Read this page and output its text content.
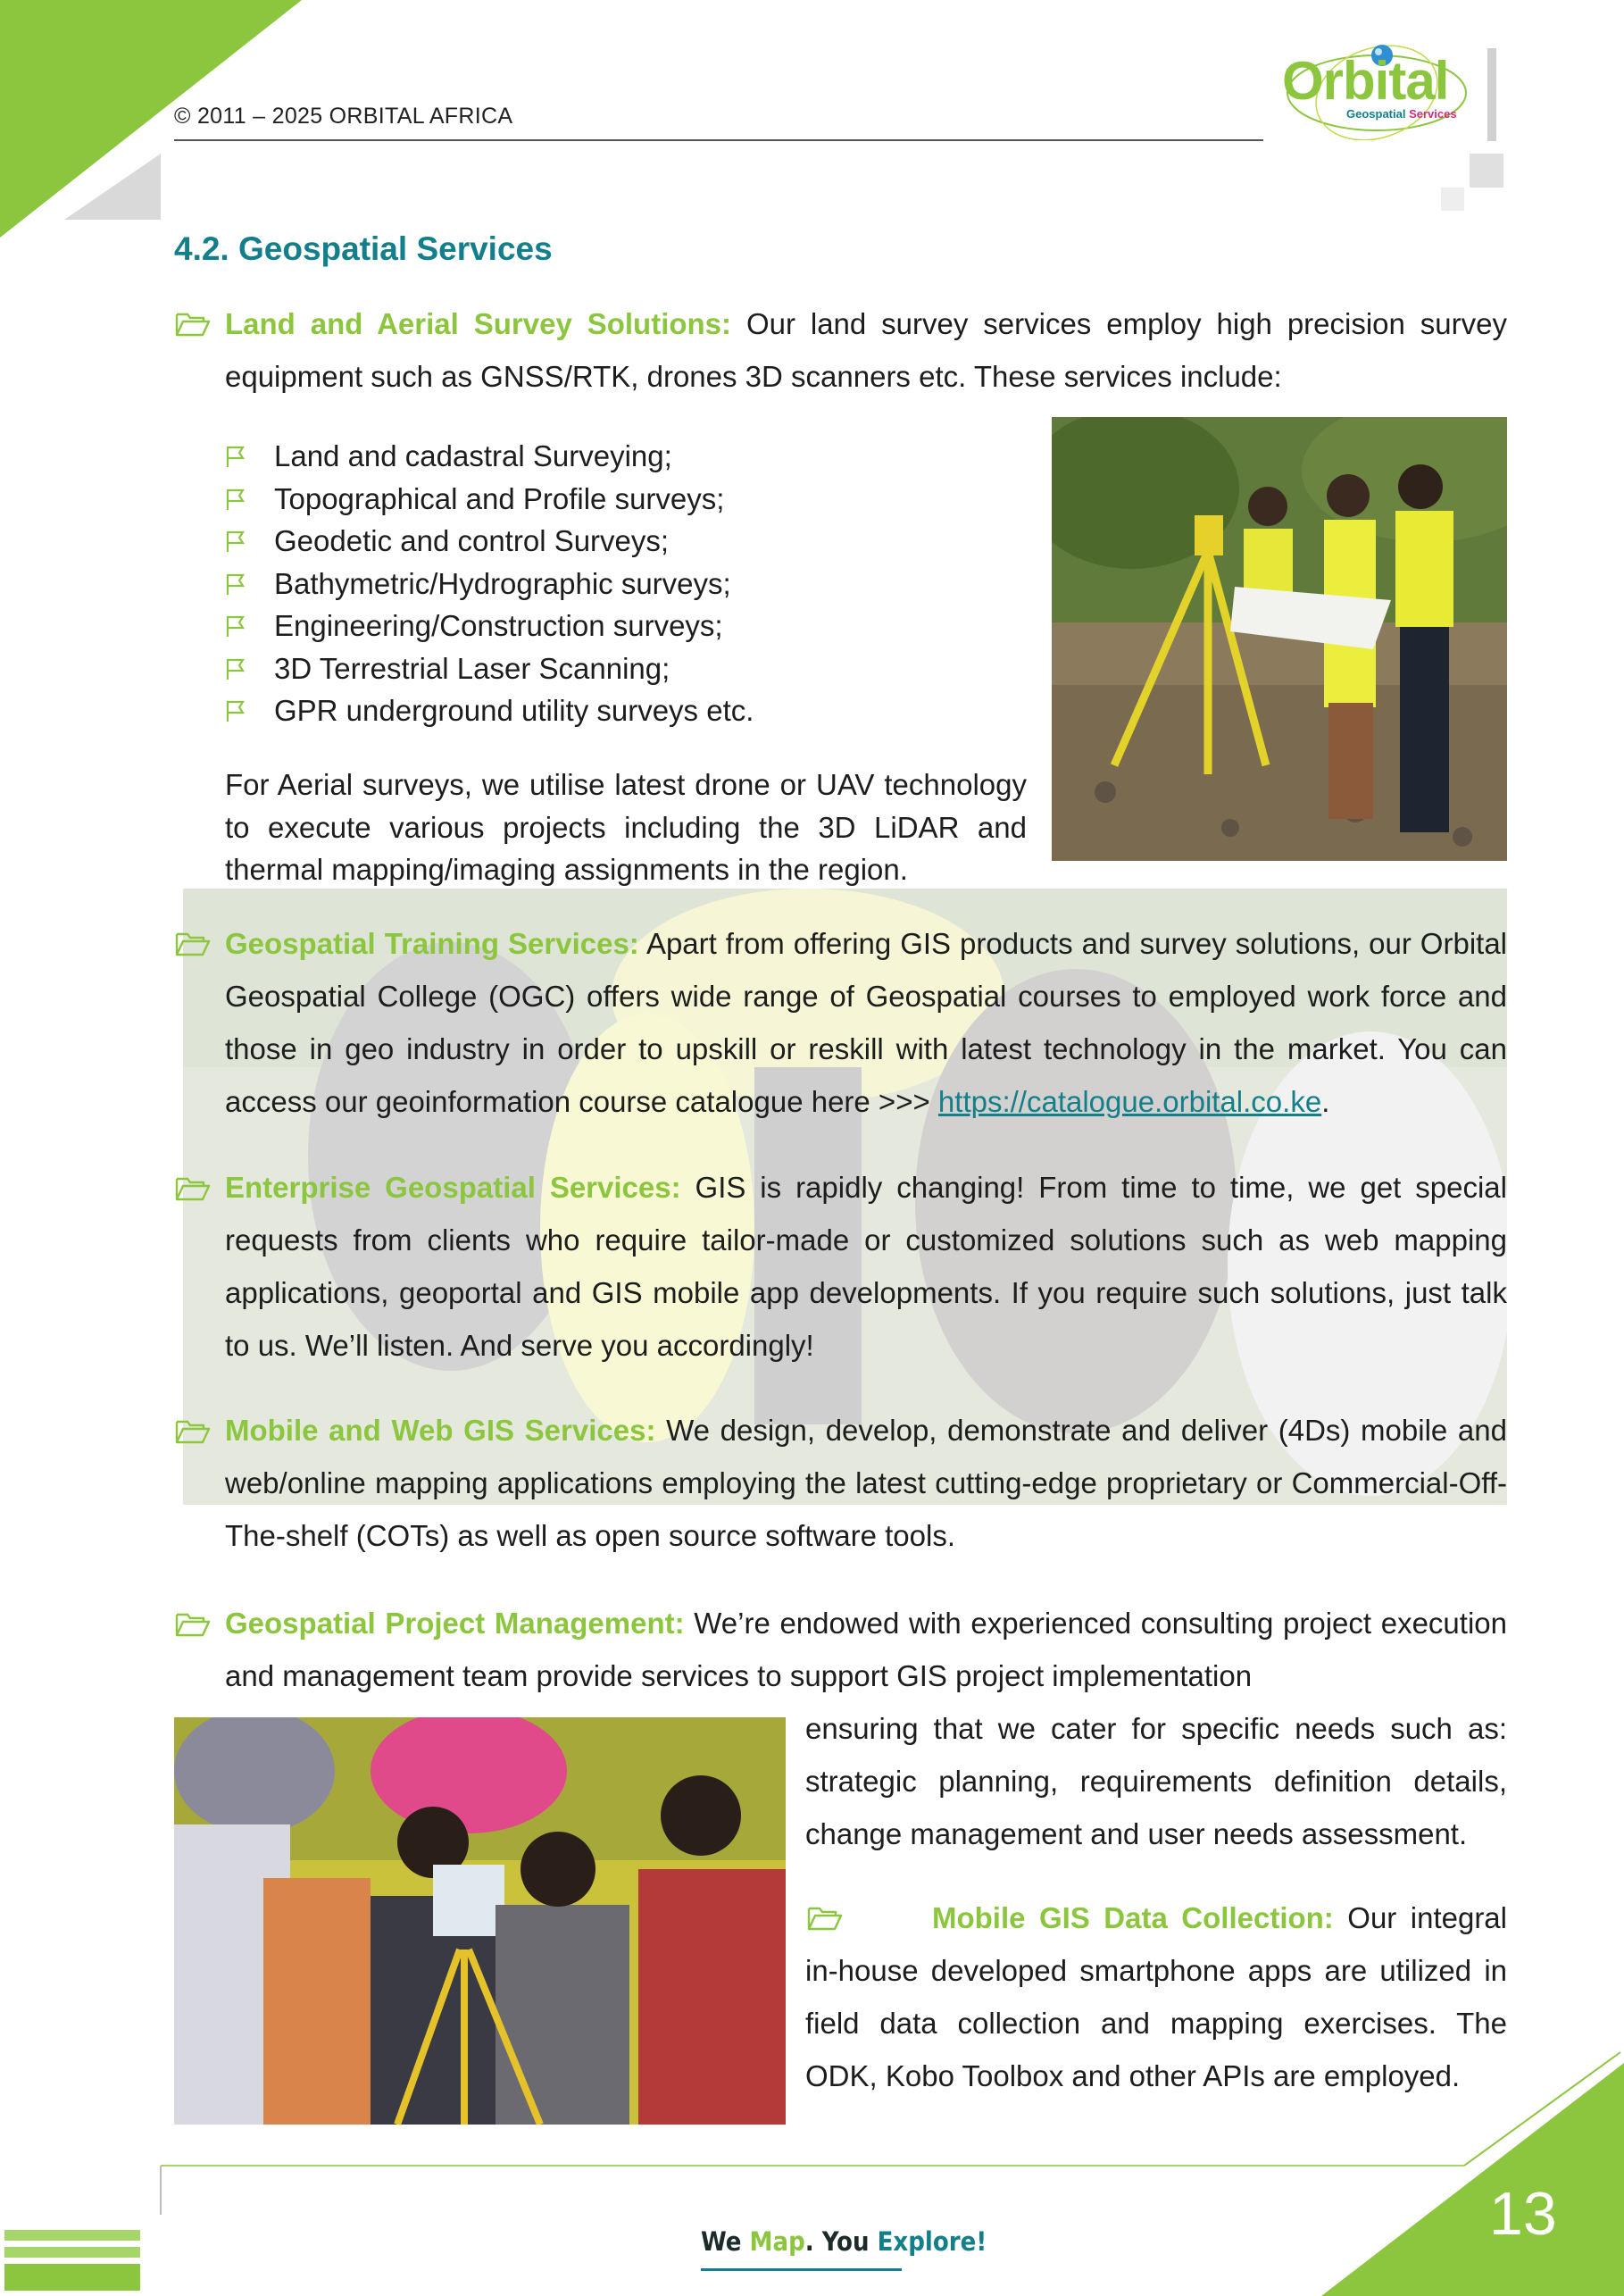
Orbital
Geospatial Services
© 2011 – 2025 ORBITAL AFRICA
4.2. Geospatial Services
Land and Aerial Survey Solutions: Our land survey services employ high precision survey equipment such as GNSS/RTK, drones 3D scanners etc. These services include:
Land and cadastral Surveying;
Topographical and Profile surveys;
Geodetic and control Surveys;
Bathymetric/Hydrographic surveys;
Engineering/Construction surveys;
3D Terrestrial Laser Scanning;
GPR underground utility surveys etc.
For Aerial surveys, we utilise latest drone or UAV technology to execute various projects including the 3D LiDAR and thermal mapping/imaging assignments in the region.
Geospatial Training Services: Apart from offering GIS products and survey solutions, our Orbital Geospatial College (OGC) offers wide range of Geospatial courses to employed work force and those in geo industry in order to upskill or reskill with latest technology in the market. You can access our geoinformation course catalogue here >>> https://catalogue.orbital.co.ke.
Enterprise Geospatial Services: GIS is rapidly changing! From time to time, we get special requests from clients who require tailor-made or customized solutions such as web mapping applications, geoportal and GIS mobile app developments. If you require such solutions, just talk to us. We’ll listen. And serve you accordingly!
Mobile and Web GIS Services: We design, develop, demonstrate and deliver (4Ds) mobile and web/online mapping applications employing the latest cutting-edge proprietary or Commercial-Off-The-shelf (COTs) as well as open source software tools.
Geospatial Project Management: We’re endowed with experienced consulting project execution and management team provide services to support GIS project implementation
ensuring that we cater for specific needs such as: strategic planning, requirements definition details, change management and user needs assessment.
Mobile GIS Data Collection: Our integral in-house developed smartphone apps are utilized in field data collection and mapping exercises. The ODK, Kobo Toolbox and other APIs are employed.
13
We Map. You Explore!
